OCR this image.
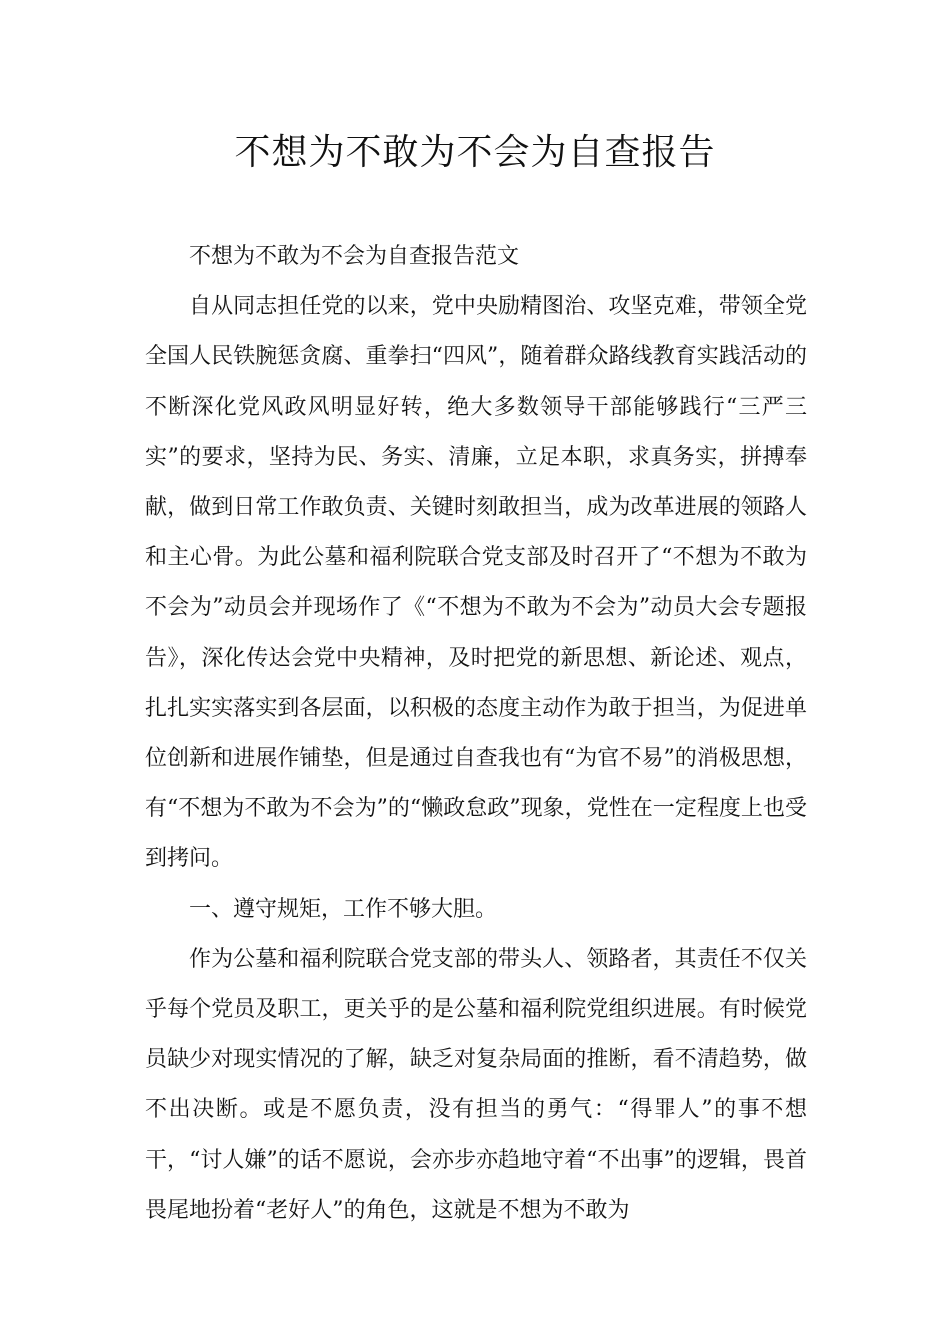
不想为不敢为不会为自查报告

不想为不敢为不会为自查报告范文

自从同志担任党的以来，党中央励精图治、攻坚克难，带领全党全国人民铁腕惩贪腐、重拳扫“四风”，随着群众路线教育实践活动的不断深化党风政风明显好转，绝大多数领导干部能够践行“三严三实”的要求，坚持为民、务实、清廉，立足本职，求真务实，拼搏奉献，做到日常工作敢负责、关键时刻敢担当，成为改革进展的领路人和主心骨。为此公墓和福利院联合党支部及时召开了“不想为不敢为不会为”动员会并现场作了《“不想为不敢为不会为”动员大会专题报告》，深化传达会党中央精神，及时把党的新思想、新论述、观点，扎扎实实落实到各层面，以积极的态度主动作为敢于担当，为促进单位创新和进展作铺垫，但是通过自查我也有“为官不易”的消极思想，有“不想为不敢为不会为”的“懒政怠政”现象，党性在一定程度上也受到拷问。

一、遵守规矩，工作不够大胆。

作为公墓和福利院联合党支部的带头人、领路者，其责任不仅关乎每个党员及职工，更关乎的是公墓和福利院党组织进展。有时候党员缺少对现实情况的了解，缺乏对复杂局面的推断，看不清趋势，做不出决断。或是不愿负责，没有担当的勇气：“得罪人”的事不想干，“讨人嫌”的话不愿说，会亦步亦趋地守着“不出事”的逻辑，畏首畏尾地扮着“老好人”的角色，这就是不想为不敢为
